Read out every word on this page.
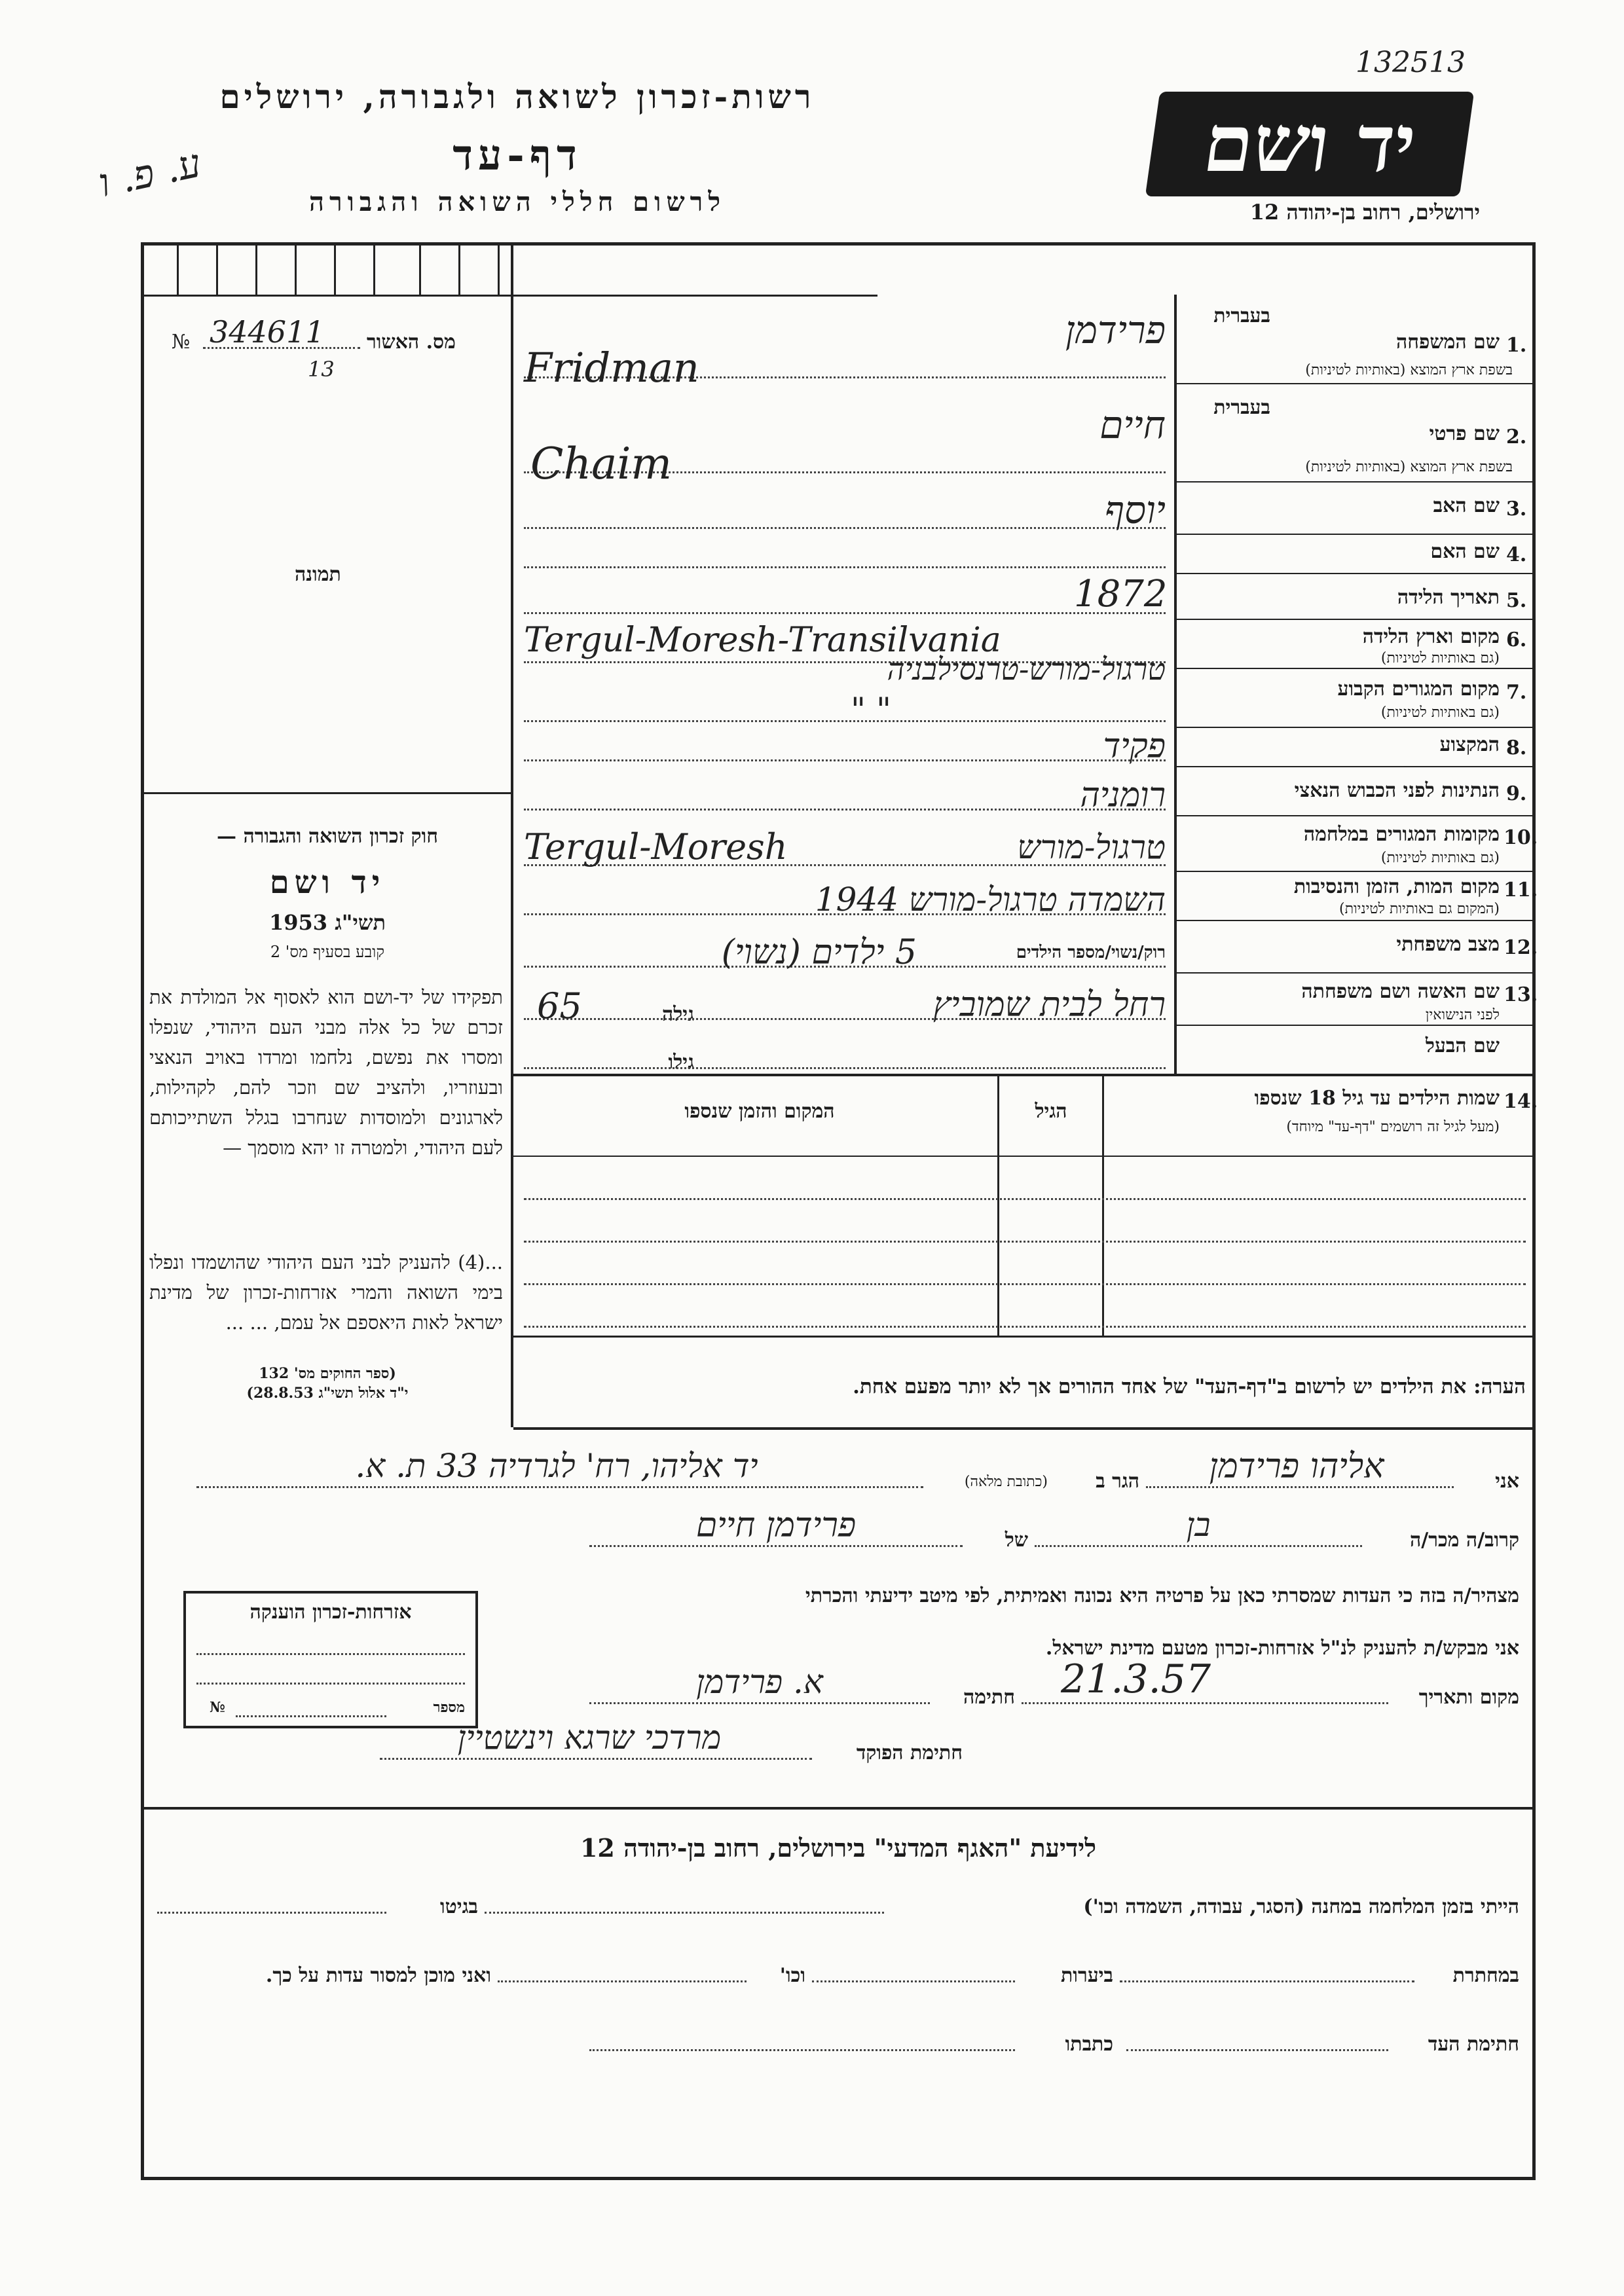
132513
רשות-זכרון לשואה ולגבורה, ירושלים
דף-עד
לרשום חללי השואה והגבורה
ע. פ. ו	יד ושם
ירושלים, רחוב בן-יהודה 12
מס. האשור
№ 344611
13
תמונה
חוק זכרון השואה והגבורה —
יד ושם
תשי"ג 1953
קובע בסעיף מס' 2
תפקידו של יד-ושם הוא לאסוף אל המולדת את זכרם של כל אלה מבני העם היהודי, שנפלו ומסרו את נפשם, נלחמו ומרדו באויב הנאצי ובעוזריו, ולהציב שם וזכר להם, לקהילות, לארגונים ולמוסדות שנחרבו בגלל השתייכותם לעם היהודי, ולמטרה זו יהא מוסמך —
...(4) להעניק לבני העם היהודי שהושמדו ונפלו בימי השואה והמרי אזרחות-זכרון של מדינת ישראל לאות היאספם אל עמם, ... ...
(ספר החוקים מס' 132
י"ד אלול תשי"ג 28.8.53)
בעברית
1.
שם המשפחה
בשפת ארץ המוצא (באותיות לטיניות)
בעברית
2.
שם פרטי
בשפת ארץ המוצא (באותיות לטיניות)
3.
שם האב
4.
שם האם
5.
תאריך הלידה
6.
מקום וארץ הלידה
(גם באותיות לטיניות)
7.
מקום המגורים הקבוע
(גם באותיות לטיניות)
8.
המקצוע
9.
הנתינות לפני הכבוש הנאצי
10.
מקומות המגורים במלחמה
(גם באותיות לטיניות)
11.
מקום המות, הזמן והנסיבות
(המקום גם באותיות לטיניות)
12.
מצב משפחתי
רוק/נשוי/מספר הילדים
13.
שם האשה ושם משפחתה
לפני הנישואין
גילה
שם הבעל
גילו
פרידמן
Fridman
חיים
Chaim
יוסף
1872
Tergul-Moresh-Transilvania
טרגול-מורש-טרנסילבניה
" "
פקיד
רומניה
Tergul-Moresh	טרגול-מורש
השמדה טרגול-מורש 1944
5 ילדים (נשוי)
רחל לבית שמוביץ
65
14.
שמות הילדים עד גיל 18 שנספו
(מעל לגיל זה רושמים "דף-עד" מיוחד)
הגיל
המקום והזמן שנספו
הערה: את הילדים יש לרשום ב"דף-העד" של אחד ההורים אך לא יותר מפעם אחת.
אני
אליהו פרידמן
הגר ב
(כתובת מלאה)
יד אליהו, רח' לגרדיה 33 ת. א.
קרוב/ה מכר/ה
בן
של
פרידמן חיים
מצהיר/ה בזה כי העדות שמסרתי כאן על פרטיה היא נכונה ואמיתית, לפי מיטב ידיעתי והכרתי
אני מבקש/ת להעניק לנ"ל אזרחות-זכרון מטעם מדינת ישראל.
מקום ותאריך
21.3.57
חתימה
א. פרידמן
חתימת הפוקד
מרדכי שרגא וינשטיין
אזרחות-זכרון הוענקה
מספר
№
לידיעת "האגף המדעי" בירושלים, רחוב בן-יהודה 12
הייתי בזמן המלחמה במחנה (הסגר, עבודה, השמדה וכו')
בגיטו
במחתרת
ביערות
וכו'
ואני מוכן למסור עדות על כך.
חתימת העד
כתבתו
